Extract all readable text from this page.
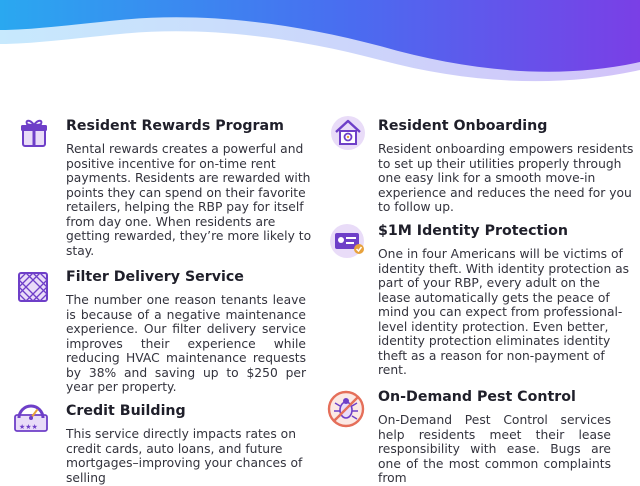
Resident Rewards Program

Rental rewards creates a powerful and positive incentive for on-time rent payments. Residents are rewarded with points they can spend on their favorite retailers, helping the RBP pay for itself from day one. When residents are getting rewarded, they’re more likely to stay.

Filter Delivery Service

The number one reason tenants leave is because of a negative maintenance experience. Our filter delivery service improves their experience while reducing HVAC maintenance requests by 38% and saving up to $250 per year per property.

Credit Building

This service directly impacts rates on credit cards, auto loans, and future mortgages–improving your chances of selling

★★★
Resident Onboarding

Resident onboarding empowers residents to set up their utilities properly through one easy link for a smooth move-in experience and reduces the need for you to follow up.

$1M Identity Protection

One in four Americans will be victims of identity theft. With identity protection as part of your RBP, every adult on the lease automatically gets the peace of mind you can expect from professional-level identity protection. Even better, identity protection eliminates identity theft as a reason for non-payment of rent.

On-Demand Pest Control

On-Demand Pest Control services help residents meet their lease responsibility with ease. Bugs are one of the most common complaints from
